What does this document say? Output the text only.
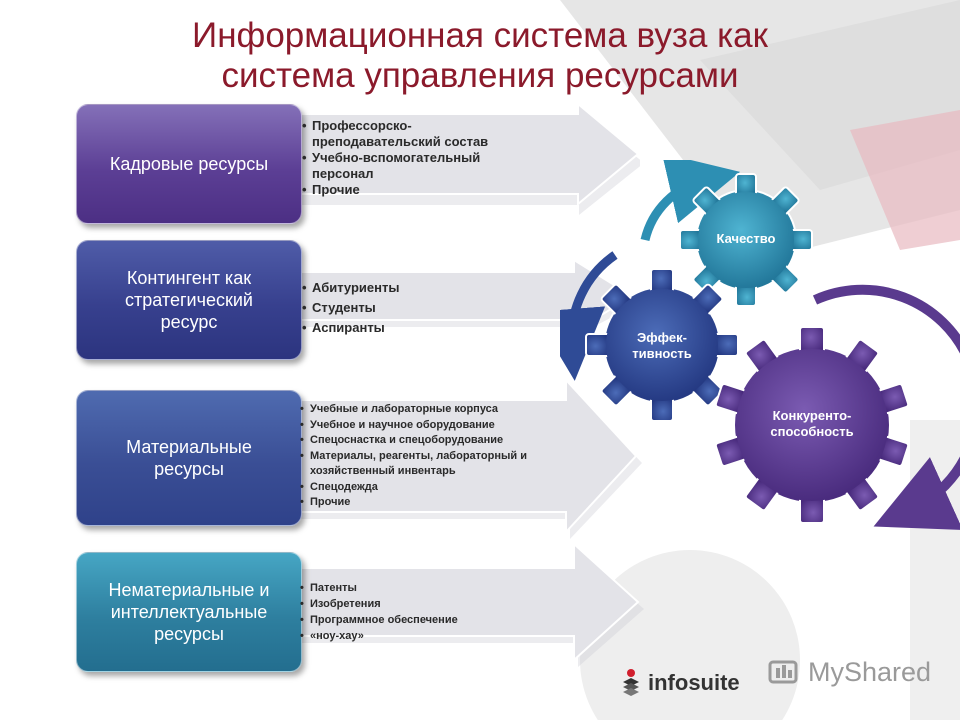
Информационная система вуза как
система управления ресурсами
Кадровые ресурсы
Контингент как стратегический ресурс
Материальные ресурсы
Нематериальные и интеллектуальные ресурсы
• Профессорско-преподавательский состав
• Учебно-вспомогательный персонал
• Прочие
• Абитуриенты
• Студенты
• Аспиранты
• Учебные и лабораторные корпуса
• Учебное и научное оборудование
• Спецоснастка и спецоборудование
• Материалы, реагенты, лабораторный и хозяйственный инвентарь
• Спецодежда
• Прочие
• Патенты
• Изобретения
• Программное обеспечение
• «ноу-хау»
Качество
Эффек-тивность
Конкуренто-способность
infosuite	MyShared
